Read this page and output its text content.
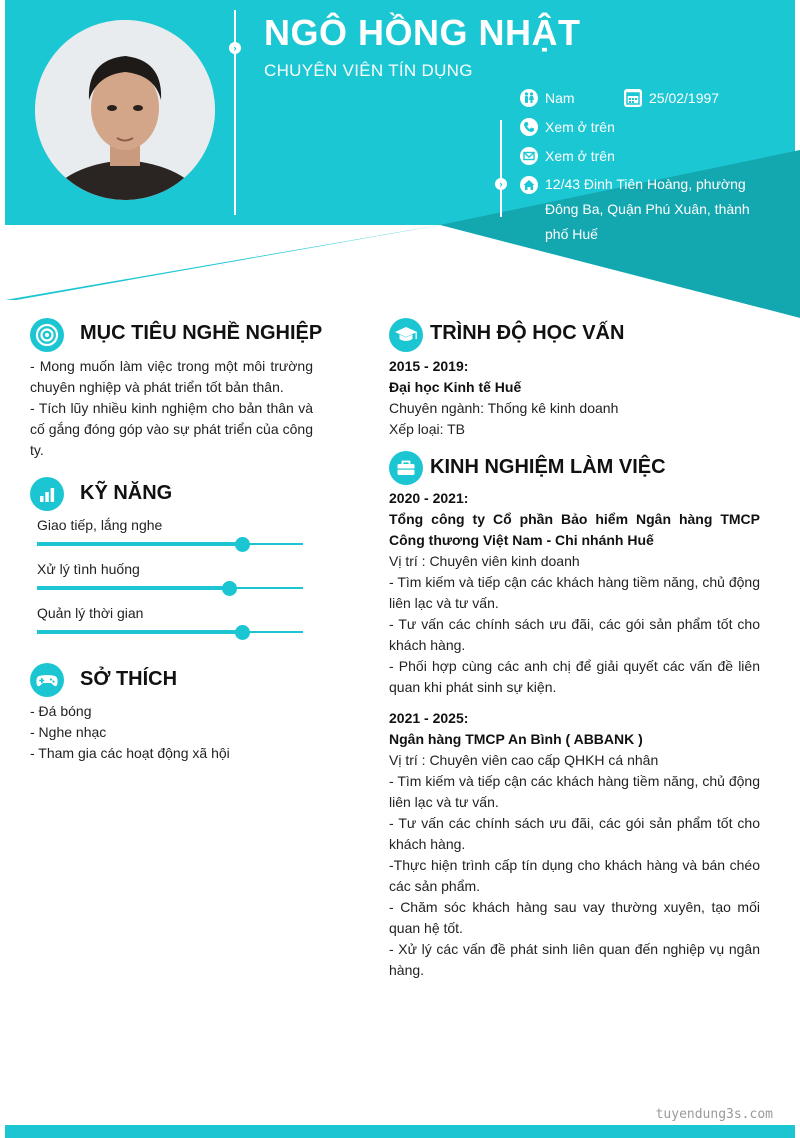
›
›
NGÔ HỒNG NHẬT
CHUYÊN VIÊN TÍN DỤNG
Nam	25/02/1997
Xem ở trên
Xem ở trên
12/43 Đinh Tiên Hoàng, phường Đông Ba, Quận Phú Xuân, thành phố Huế
MỤC TIÊU NGHỀ NGHIỆP
- Mong muốn làm việc trong một môi trường chuyên nghiệp và phát triển tốt bản thân.
- Tích lũy nhiều kinh nghiệm cho bản thân và cố gắng đóng góp vào sự phát triển của công ty.
KỸ NĂNG
Giao tiếp, lắng nghe
Xử lý tình huống
Quản lý thời gian
SỞ THÍCH
- Đá bóng
- Nghe nhạc
- Tham gia các hoạt động xã hội
TRÌNH ĐỘ HỌC VẤN
2015 - 2019:
Đại học Kinh tế Huế
Chuyên ngành: Thống kê kinh doanh
Xếp loại: TB
KINH NGHIỆM LÀM VIỆC
2020 - 2021:
Tổng công ty Cổ phần Bảo hiểm Ngân hàng TMCP Công thương Việt Nam - Chi nhánh Huế
Vị trí : Chuyên viên kinh doanh
- Tìm kiếm và tiếp cận các khách hàng tiềm năng, chủ động liên lạc và tư vấn.
- Tư vấn các chính sách ưu đãi, các gói sản phẩm tốt cho khách hàng.
- Phối hợp cùng các anh chị để giải quyết các vấn đề liên quan khi phát sinh sự kiện.
2021 - 2025:
Ngân hàng TMCP An Bình ( ABBANK )
Vị trí : Chuyên viên cao cấp QHKH cá nhân
- Tìm kiếm và tiếp cận các khách hàng tiềm năng, chủ động liên lạc và tư vấn.
- Tư vấn các chính sách ưu đãi, các gói sản phẩm tốt cho khách hàng.
-Thực hiện trình cấp tín dụng cho khách hàng và bán chéo các sản phẩm.
- Chăm sóc khách hàng sau vay thường xuyên, tạo mối quan hệ tốt.
- Xử lý các vấn đề phát sinh liên quan đến nghiệp vụ ngân hàng.
tuyendung3s.com
